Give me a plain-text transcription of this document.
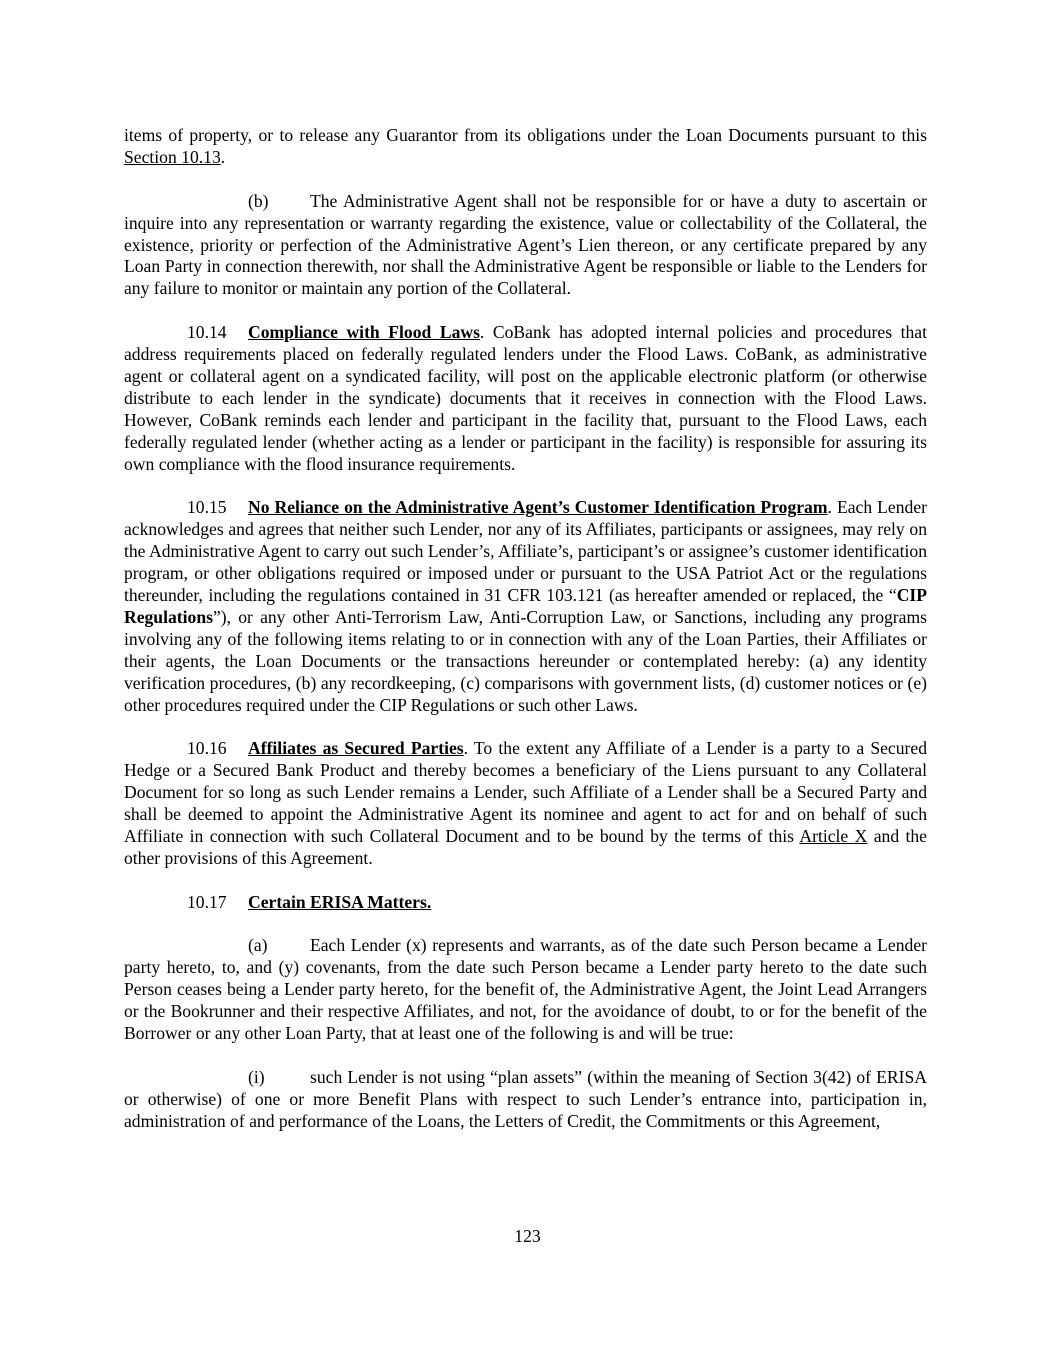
items of property, or to release any Guarantor from its obligations under the Loan Documents pursuant to this Section 10.13.

(b) The Administrative Agent shall not be responsible for or have a duty to ascertain or inquire into any representation or warranty regarding the existence, value or collectability of the Collateral, the existence, priority or perfection of the Administrative Agent’s Lien thereon, or any certificate prepared by any Loan Party in connection therewith, nor shall the Administrative Agent be responsible or liable to the Lenders for any failure to monitor or maintain any portion of the Collateral.

10.14 Compliance with Flood Laws. CoBank has adopted internal policies and procedures that address requirements placed on federally regulated lenders under the Flood Laws. CoBank, as administrative agent or collateral agent on a syndicated facility, will post on the applicable electronic platform (or otherwise distribute to each lender in the syndicate) documents that it receives in connection with the Flood Laws. However, CoBank reminds each lender and participant in the facility that, pursuant to the Flood Laws, each federally regulated lender (whether acting as a lender or participant in the facility) is responsible for assuring its own compliance with the flood insurance requirements.

10.15 No Reliance on the Administrative Agent’s Customer Identification Program. Each Lender acknowledges and agrees that neither such Lender, nor any of its Affiliates, participants or assignees, may rely on the Administrative Agent to carry out such Lender’s, Affiliate’s, participant’s or assignee’s customer identification program, or other obligations required or imposed under or pursuant to the USA Patriot Act or the regulations thereunder, including the regulations contained in 31 CFR 103.121 (as hereafter amended or replaced, the “CIP Regulations”), or any other Anti-Terrorism Law, Anti-Corruption Law, or Sanctions, including any programs involving any of the following items relating to or in connection with any of the Loan Parties, their Affiliates or their agents, the Loan Documents or the transactions hereunder or contemplated hereby: (a) any identity verification procedures, (b) any recordkeeping, (c) comparisons with government lists, (d) customer notices or (e) other procedures required under the CIP Regulations or such other Laws.

10.16 Affiliates as Secured Parties. To the extent any Affiliate of a Lender is a party to a Secured Hedge or a Secured Bank Product and thereby becomes a beneficiary of the Liens pursuant to any Collateral Document for so long as such Lender remains a Lender, such Affiliate of a Lender shall be a Secured Party and shall be deemed to appoint the Administrative Agent its nominee and agent to act for and on behalf of such Affiliate in connection with such Collateral Document and to be bound by the terms of this Article X and the other provisions of this Agreement.

10.17 Certain ERISA Matters.

(a) Each Lender (x) represents and warrants, as of the date such Person became a Lender party hereto, to, and (y) covenants, from the date such Person became a Lender party hereto to the date such Person ceases being a Lender party hereto, for the benefit of, the Administrative Agent, the Joint Lead Arrangers or the Bookrunner and their respective Affiliates, and not, for the avoidance of doubt, to or for the benefit of the Borrower or any other Loan Party, that at least one of the following is and will be true:

(i)	such Lender is not using “plan assets” (within the meaning of Section 3(42) of ERISA or otherwise) of one or more Benefit Plans with respect to such Lender’s entrance into, participation in, administration of and performance of the Loans, the Letters of Credit, the Commitments or this Agreement,

123
